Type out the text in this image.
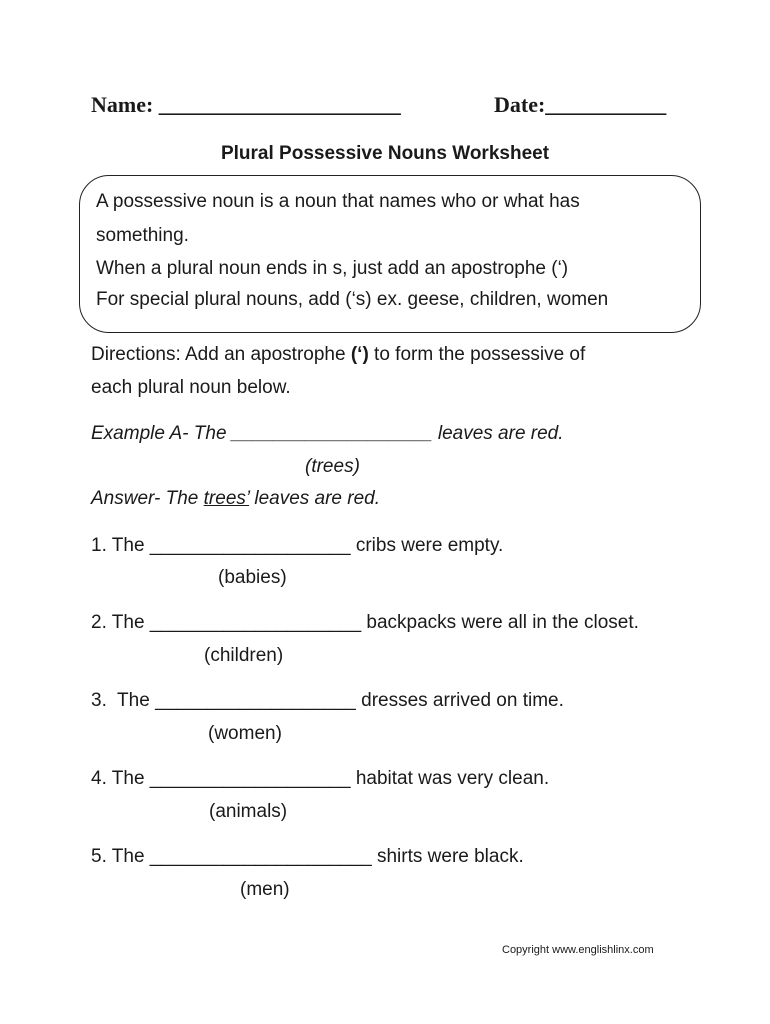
Name: ______________________	Date:___________
Plural Possessive Nouns Worksheet
A possessive noun is a noun that names who or what has
something.
When a plural noun ends in s, just add an apostrophe (‘)
For special plural nouns, add (‘s) ex. geese, children, women
Directions: Add an apostrophe (‘) to form the possessive of
each plural noun below.
Example A- The ___________________ leaves are red.
(trees)
Answer- The trees’ leaves are red.
1. The ___________________ cribs were empty.
(babies)
2. The ____________________ backpacks were all in the closet.
(children)
3.  The ___________________ dresses arrived on time.
(women)
4. The ___________________ habitat was very clean.
(animals)
5. The _____________________ shirts were black.
(men)
Copyright www.englishlinx.com
